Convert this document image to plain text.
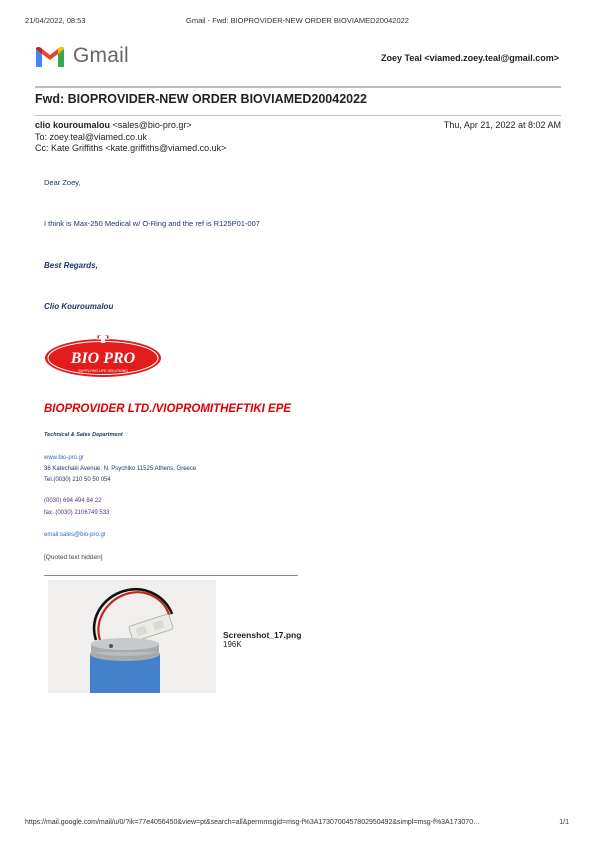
21/04/2022, 08:53	Gmail - Fwd: BIOPROVIDER-NEW ORDER BIOVIAMED20042022
Gmail	Zoey Teal <viamed.zoey.teal@gmail.com>
Fwd: BIOPROVIDER-NEW ORDER BIOVIAMED20042022
clio kouroumalou <sales@bio-pro.gr>	Thu, Apr 21, 2022 at 8:02 AM
To: zoey.teal@viamed.co.uk
Cc: Kate Griffiths <kate.griffiths@viamed.co.uk>
Dear Zoey,
I think is Max-250 Medical w/ O-Ring and the ref is R125P01-007
Best Regards,
Clio Kouroumalou
BIO PRO
SUPPLYING LIFE SOLUTIONS
BIOPROVIDER LTD./VIOPROMITHEFTIKI EPE
Technical & Sales Department
www.bio-pro.gr
36 Katechaki Avenue, N. Psychiko 11525 Athens, Greece
Tel.(0030) 210 50 50 054
(0030) 694 494 84 22
fax. (0030) 2106749 533
email:sales@bio-pro.gr
[Quoted text hidden]
Screenshot_17.png
196K
https://mail.google.com/mail/u/0/?ik=77e4056450&view=pt&search=all&permmsgid=msg-f%3A1730700457802950492&simpl=msg-f%3A173070…	1/1
